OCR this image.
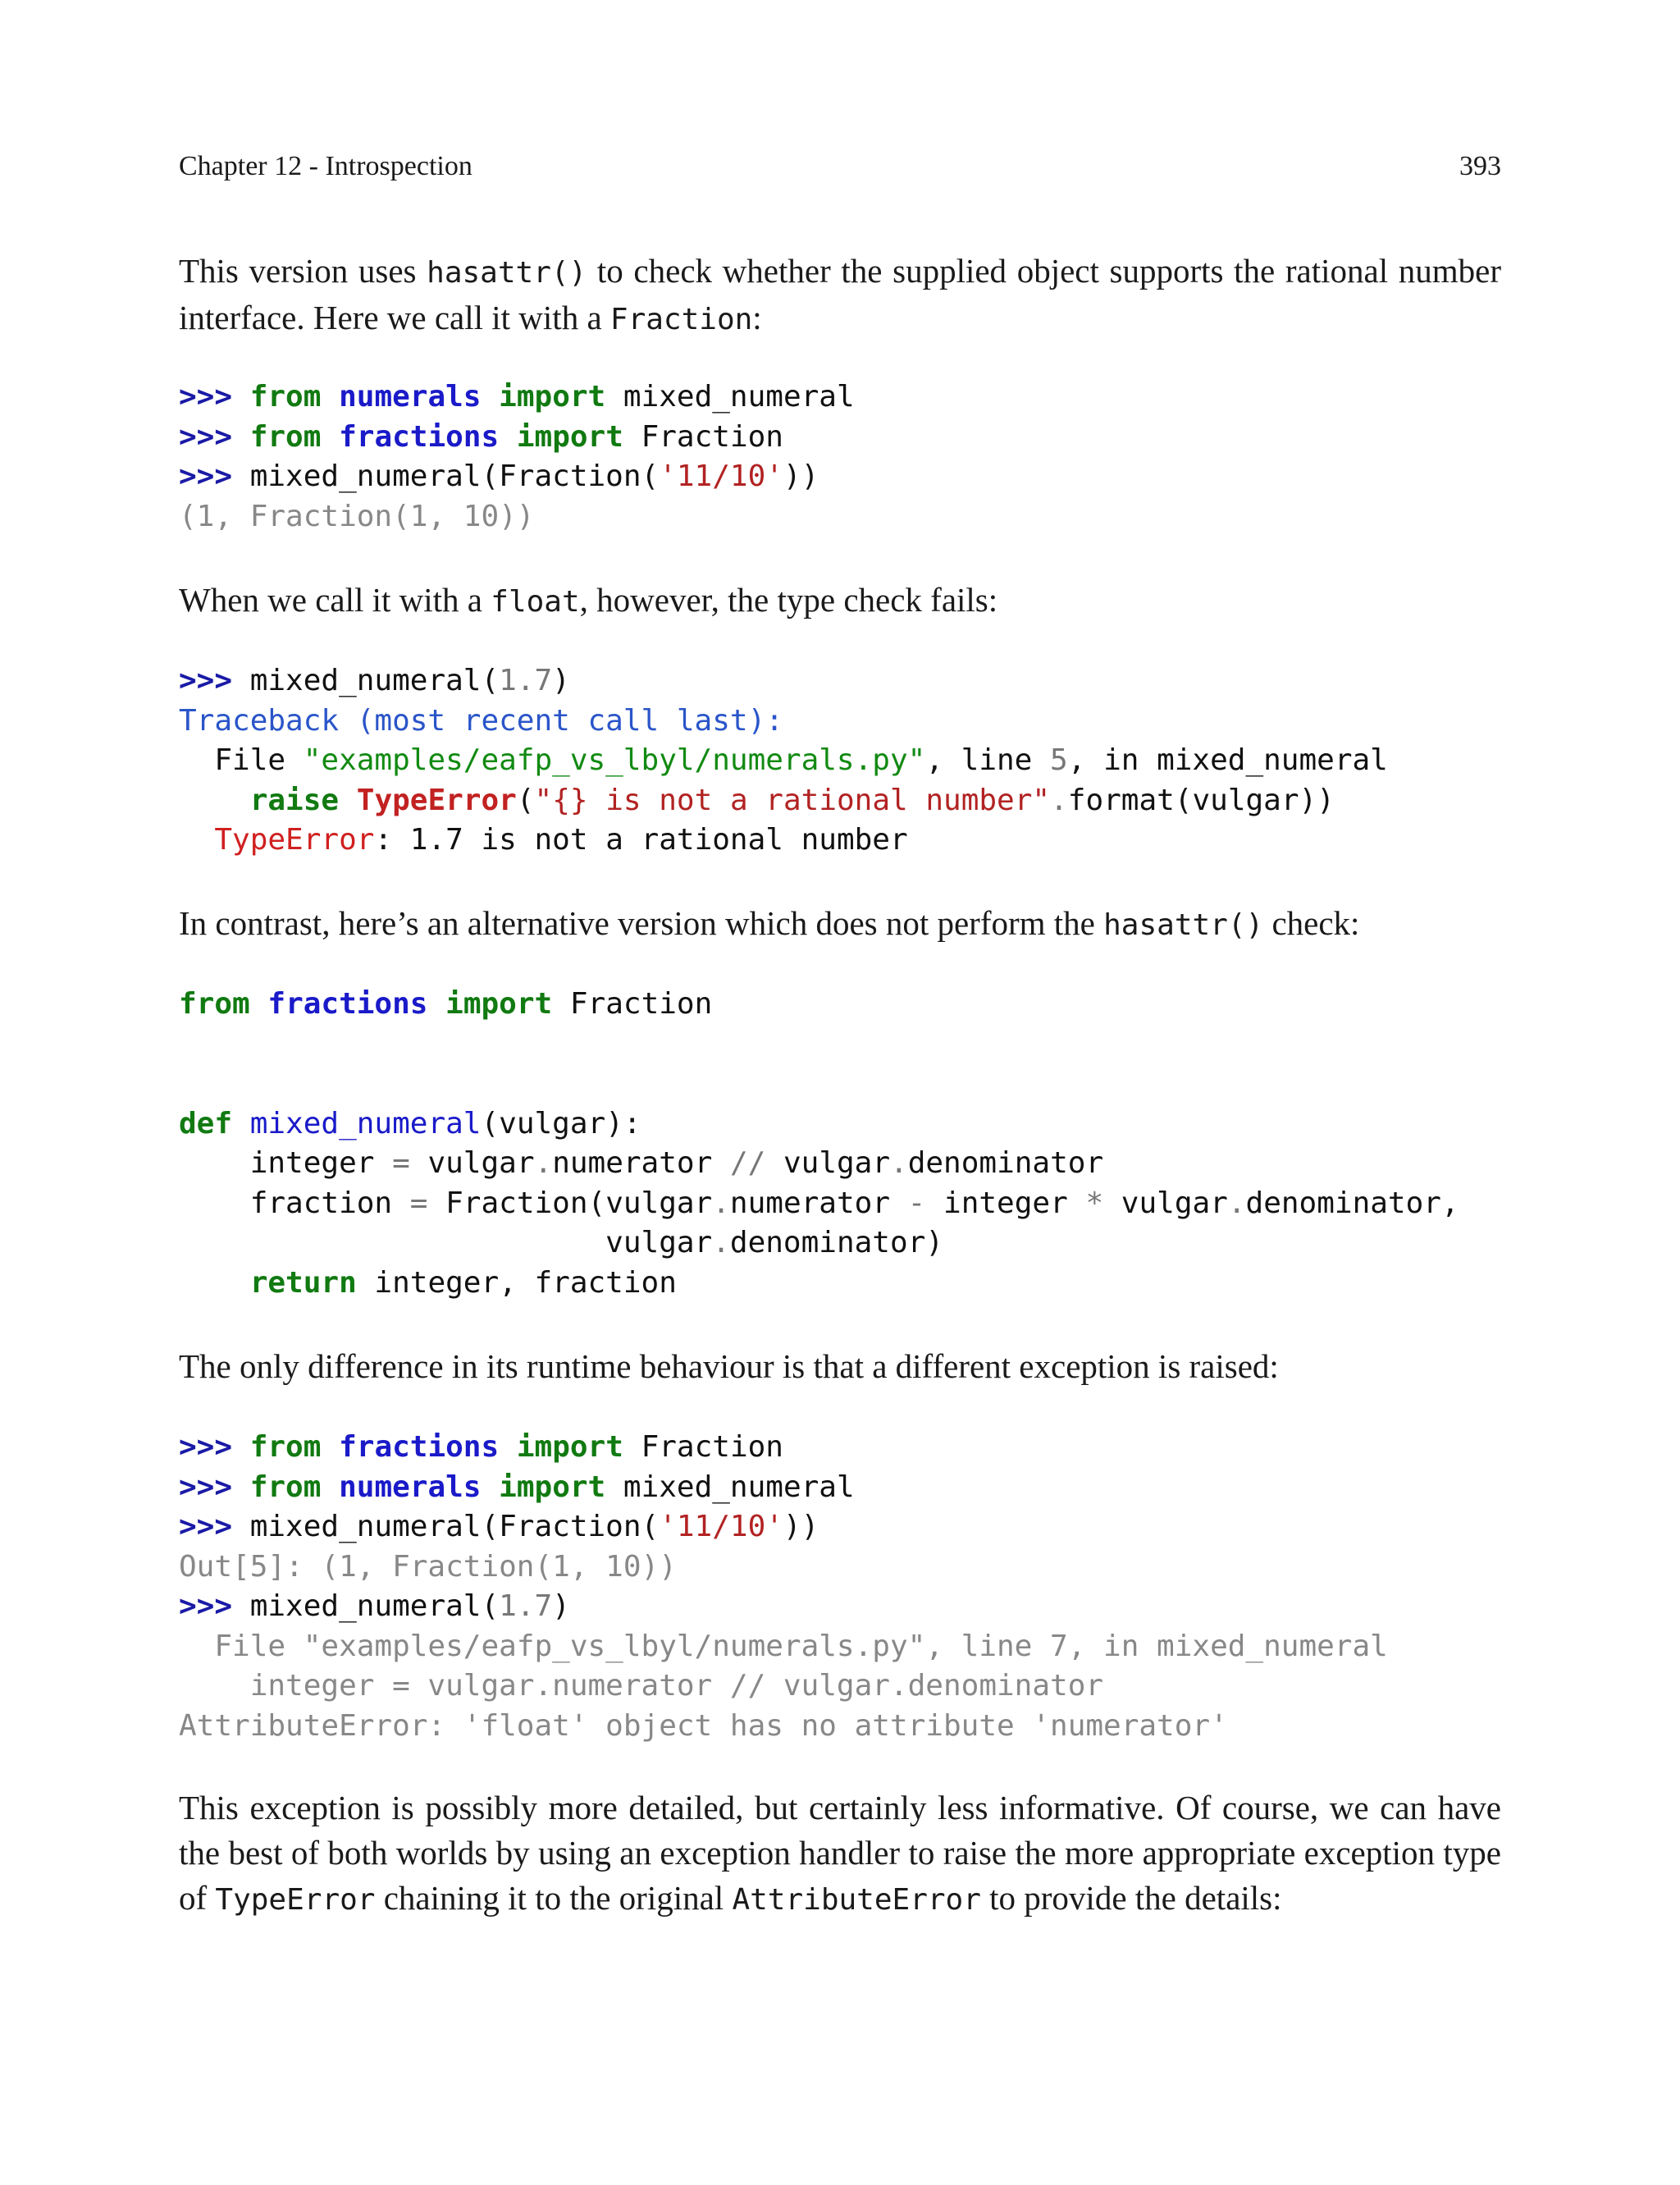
Chapter 12 - Introspection	393

This version uses hasattr() to check whether the supplied object supports the rational number interface. Here we call it with a Fraction:

>>> from numerals import mixed_numeral
>>> from fractions import Fraction
>>> mixed_numeral(Fraction('11/10'))
(1, Fraction(1, 10))

When we call it with a float, however, the type check fails:

>>> mixed_numeral(1.7)
Traceback (most recent call last):
File "examples/eafp_vs_lbyl/numerals.py", line 5, in mixed_numeral
raise TypeError("{} is not a rational number".format(vulgar))
TypeError: 1.7 is not a rational number

In contrast, here’s an alternative version which does not perform the hasattr() check:

from fractions import Fraction

def mixed_numeral(vulgar):
integer = vulgar.numerator // vulgar.denominator
fraction = Fraction(vulgar.numerator - integer * vulgar.denominator,
vulgar.denominator)
return integer, fraction

The only difference in its runtime behaviour is that a different exception is raised:

>>> from fractions import Fraction
>>> from numerals import mixed_numeral
>>> mixed_numeral(Fraction('11/10'))
Out[5]: (1, Fraction(1, 10))
>>> mixed_numeral(1.7)
File "examples/eafp_vs_lbyl/numerals.py", line 7, in mixed_numeral
integer = vulgar.numerator // vulgar.denominator
AttributeError: 'float' object has no attribute 'numerator'

This exception is possibly more detailed, but certainly less informative. Of course, we can have the best of both worlds by using an exception handler to raise the more appropriate exception type of TypeError chaining it to the original AttributeError to provide the details:
